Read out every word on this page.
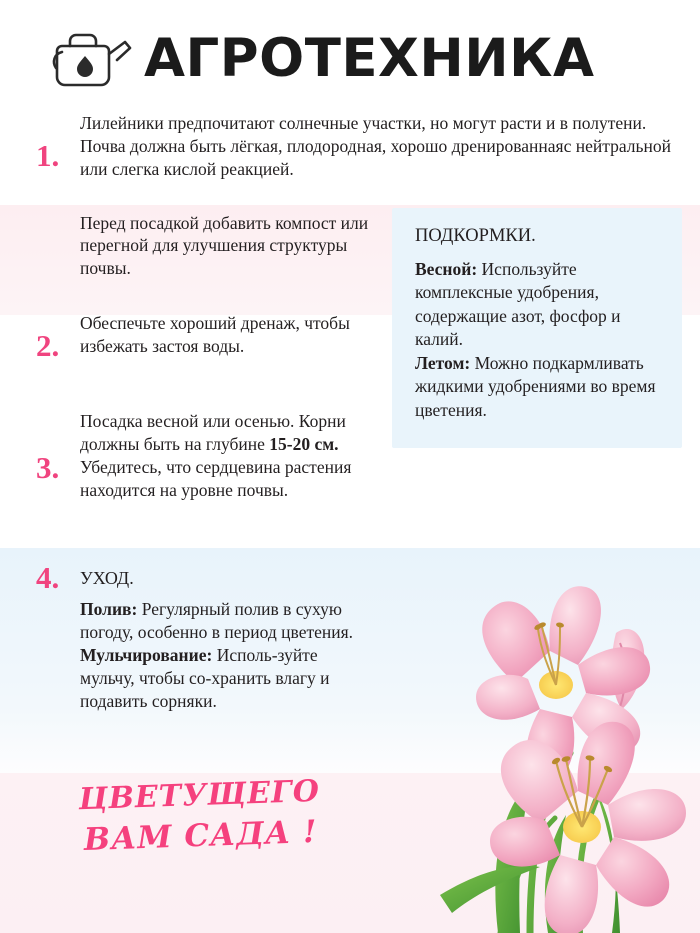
АГРОТЕХНИКА
1.
Лилейники предпочитают солнечные участки, но могут расти и в полутени. Почва должна быть лёгкая, плодородная, хорошо дренированнаяс нейтральной или слегка кислой реакцией.
Перед посадкой добавить компост или перегной для улучшения структуры почвы.
2.
Обеспечьте хороший дренаж, чтобы избежать застоя воды.
3.
Посадка весной или осенью. Корни должны быть на глубине 15-20 см. Убедитесь, что сердцевина растения находится на уровне почвы.
4. УХОД.
Полив: Регулярный полив в сухую погоду, особенно в период цветения.
Мульчирование: Исполь-зуйте мульчу, чтобы со-хранить влагу и подавить сорняки.
ПОДКОРМКИ.
Весной: Используйте комплексные удобрения, содержащие азот, фосфор и калий.
Летом: Можно подкармливать жидкими удобрениями во время цветения.
ЦВЕТУЩЕГО
ВАМ САДА !
